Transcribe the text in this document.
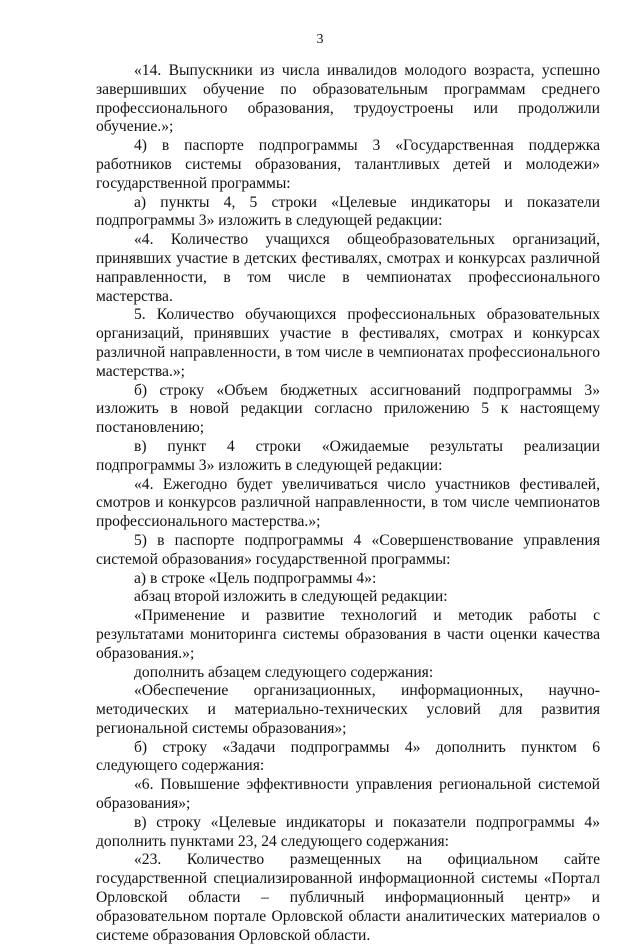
3

«14. Выпускники из числа инвалидов молодого возраста, успешно завершивших обучение по образовательным программам среднего профессионального образования, трудоустроены или продолжили обучение.»;

4) в паспорте подпрограммы 3 «Государственная поддержка работников системы образования, талантливых детей и молодежи» государственной программы:

а) пункты 4, 5 строки «Целевые индикаторы и показатели подпрограммы 3» изложить в следующей редакции:

«4. Количество учащихся общеобразовательных организаций, принявших участие в детских фестивалях, смотрах и конкурсах различной направленности, в том числе в чемпионатах профессионального мастерства.

5. Количество обучающихся профессиональных образовательных организаций, принявших участие в фестивалях, смотрах и конкурсах различной направленности, в том числе в чемпионатах профессионального мастерства.»;

б) строку «Объем бюджетных ассигнований подпрограммы 3» изложить в новой редакции согласно приложению 5 к настоящему постановлению;

в) пункт 4 строки «Ожидаемые результаты реализации подпрограммы 3» изложить в следующей редакции:

«4. Ежегодно будет увеличиваться число участников фестивалей, смотров и конкурсов различной направленности, в том числе чемпионатов профессионального мастерства.»;

5) в паспорте подпрограммы 4 «Совершенствование управления системой образования» государственной программы:

а) в строке «Цель подпрограммы 4»:

абзац второй изложить в следующей редакции:

«Применение и развитие технологий и методик работы с результатами мониторинга системы образования в части оценки качества образования.»;

дополнить абзацем следующего содержания:

«Обеспечение организационных, информационных, научно-методических и материально-технических условий для развития региональной системы образования»;

б) строку «Задачи подпрограммы 4» дополнить пунктом 6 следующего содержания:

«6. Повышение эффективности управления региональной системой образования»;

в) строку «Целевые индикаторы и показатели подпрограммы 4» дополнить пунктами 23, 24 следующего содержания:

«23. Количество размещенных на официальном сайте государственной специализированной информационной системы «Портал Орловской области – публичный информационный центр» и образовательном портале Орловской области аналитических материалов о системе образования Орловской области.
